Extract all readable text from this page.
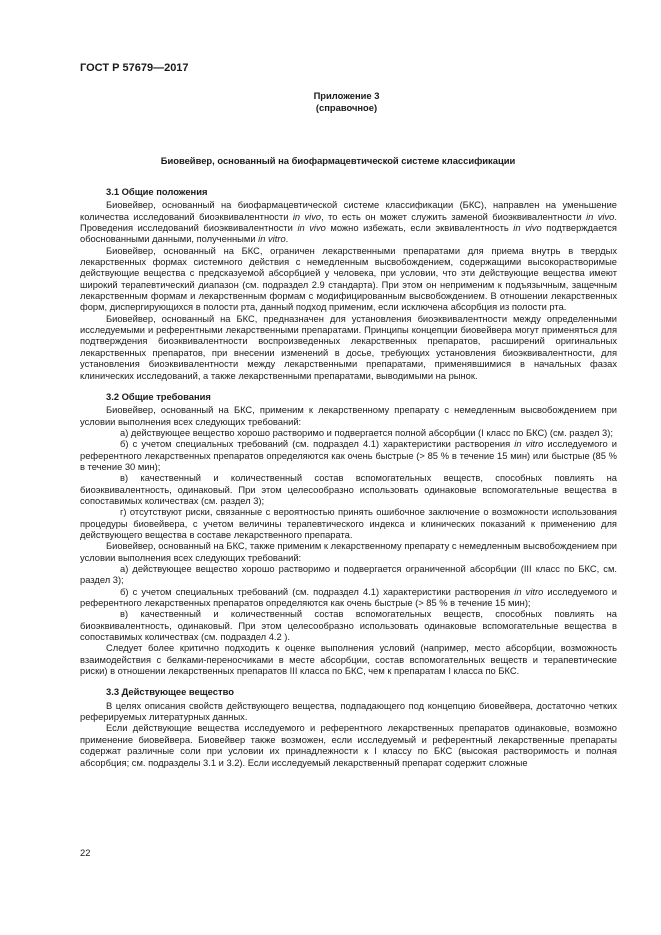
ГОСТ Р 57679—2017
Приложение 3
(справочное)
Биовейвер, основанный на биофармацевтической системе классификации
3.1 Общие положения

Биовейвер, основанный на биофармацевтической системе классификации (БКС), направлен на уменьшение количества исследований биоэквивалентности in vivo, то есть он может служить заменой биоэквивалентности in vivo. Проведения исследований биоэквивалентности in vivo можно избежать, если эквивалентность in vivo подтверждается обоснованными данными, полученными in vitro.

Биовейвер, основанный на БКС, ограничен лекарственными препаратами для приема внутрь в твердых лекарственных формах системного действия с немедленным высвобождением, содержащими высокорастворимые действующие вещества с предсказуемой абсорбцией у человека, при условии, что эти действующие вещества имеют широкий терапевтический диапазон (см. подраздел 2.9 стандарта). При этом он неприменим к подъязычным, защечным лекарственным формам и лекарственным формам с модифицированным высвобождением. В отношении лекарственных форм, диспергирующихся в полости рта, данный подход применим, если исключена абсорбция из полости рта.

Биовейвер, основанный на БКС, предназначен для установления биоэквивалентности между определенными исследуемыми и референтными лекарственными препаратами. Принципы концепции биовейвера могут применяться для подтверждения биоэквивалентности воспроизведенных лекарственных препаратов, расширений оригинальных лекарственных препаратов, при внесении изменений в досье, требующих установления биоэквивалентности, для установления биоэквивалентности между лекарственными препаратами, применявшимися в начальных фазах клинических исследований, а также лекарственными препаратами, выводимыми на рынок.

3.2 Общие требования

Биовейвер, основанный на БКС, применим к лекарственному препарату с немедленным высвобождением при условии выполнения всех следующих требований:

а) действующее вещество хорошо растворимо и подвергается полной абсорбции (I класс по БКС) (см. раздел 3);

б) с учетом специальных требований (см. подраздел 4.1) характеристики растворения in vitro исследуемого и референтного лекарственных препаратов определяются как очень быстрые (> 85 % в течение 15 мин) или быстрые (85 % в течение 30 мин);

в) качественный и количественный состав вспомогательных веществ, способных повлиять на биоэквивалентность, одинаковый. При этом целесообразно использовать одинаковые вспомогательные вещества в сопоставимых количествах (см. раздел 3);

г) отсутствуют риски, связанные с вероятностью принять ошибочное заключение о возможности использования процедуры биовейвера, с учетом величины терапевтического индекса и клинических показаний к применению для действующего вещества в составе лекарственного препарата.

Биовейвер, основанный на БКС, также применим к лекарственному препарату с немедленным высвобождением при условии выполнения всех следующих требований:

а) действующее вещество хорошо растворимо и подвергается ограниченной абсорбции (III класс по БКС, см. раздел 3);

б) с учетом специальных требований (см. подраздел 4.1) характеристики растворения in vitro исследуемого и референтного лекарственных препаратов определяются как очень быстрые (> 85 % в течение 15 мин);

в) качественный и количественный состав вспомогательных веществ, способных повлиять на биоэквивалентность, одинаковый. При этом целесообразно использовать одинаковые вспомогательные вещества в сопоставимых количествах (см. подраздел 4.2 ).

Следует более критично подходить к оценке выполнения условий (например, место абсорбции, возможность взаимодействия с белками-переносчиками в месте абсорбции, состав вспомогательных веществ и терапевтические риски) в отношении лекарственных препаратов III класса по БКС, чем к препаратам I класса по БКС.

3.3 Действующее вещество

В целях описания свойств действующего вещества, подпадающего под концепцию биовейвера, достаточно четких реферируемых литературных данных.

Если действующие вещества исследуемого и референтного лекарственных препаратов одинаковые, возможно применение биовейвера. Биовейвер также возможен, если исследуемый и референтный лекарственные препараты содержат различные соли при условии их принадлежности к I классу по БКС (высокая растворимость и полная абсорбция; см. подразделы 3.1 и 3.2). Если исследуемый лекарственный препарат содержит сложные

22
